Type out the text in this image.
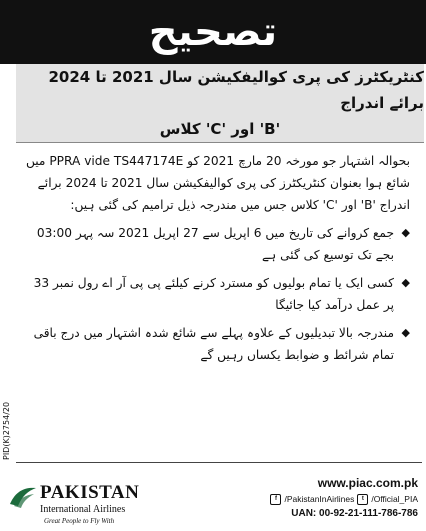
تصحیح
PID(K)2754/20
کنٹریکٹرز کی پری کوالیفکیشن سال 2021 تا 2024 برائے اندراج
'B' اور 'C' کلاس

بحوالہ اشتہار جو مورخہ 20 مارچ 2021 کو PPRA vide TS447174E میں شائع ہوا بعنوان کنٹریکٹرز کی پری کوالیفکیشن سال 2021 تا 2024 برائے اندراج 'B' اور 'C' کلاس جس میں مندرجہ ذیل ترامیم کی گئی ہیں:

◆
جمع کروانے کی تاریخ میں 6 اپریل سے 27 اپریل 2021 سہ پہر 03:00 بجے تک توسیع کی گئی ہے
◆
کسی ایک یا تمام بولیوں کو مسترد کرنے کیلئے پی پی آر اے رول نمبر 33 پر عمل درآمد کیا جائیگا
◆
مندرجہ بالا تبدیلیوں کے علاوہ پہلے سے شائع شدہ اشتہار میں درج باقی تمام شرائط و ضوابط یکساں رہیں گے
PAKISTAN
International Airlines
Great People to Fly With
www.piac.com.pk
f /PakistanInAirlines	t /Official_PIA
UAN: 00-92-21-111-786-786
